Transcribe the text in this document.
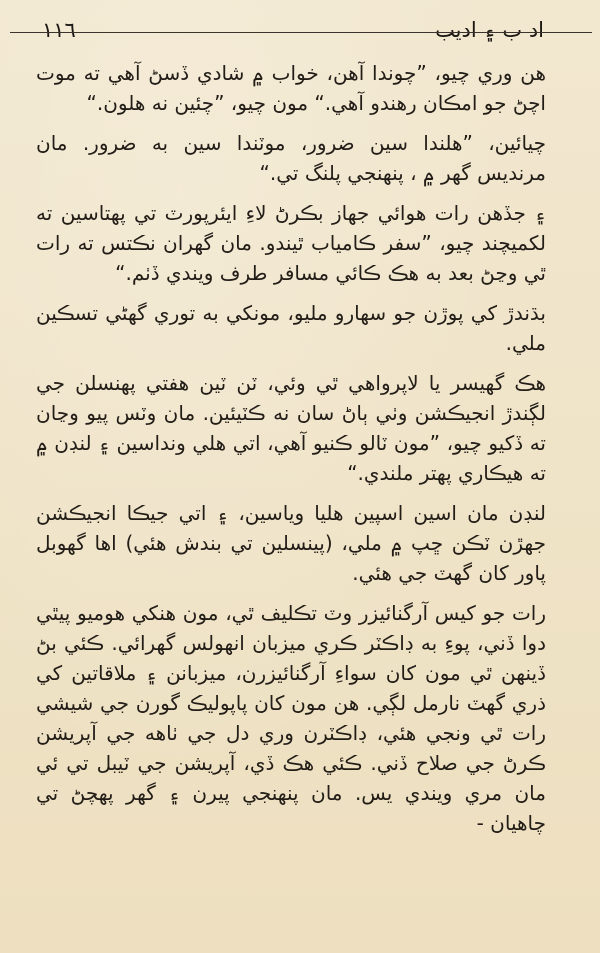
١١٦	اد ب ۽ اديب

هن وري چيو، ”چوندا آهن، خواب ۾ شادي ڏسڻ آهي ته موت اچڻ جو امڪان رهندو آهي.“ مون چيو، ”چئين نه هلون.“

چيائين، ”هلندا سين ضرور، موٽندا سين به ضرور. مان مرنديس گهر ۾ ، پنهنجي پلنگ تي.“

۽ جڏهن رات هوائي جهاز بڪرڻ لاءِ ايئرپورٽ تي پهتاسين ته لکميچند چيو، ”سفر ڪامياب ٿيندو. مان گهران نڪتس ته رات ٿي وڃڻ بعد به هڪ ڪائي مسافر طرف ويندي ڏٺم.“

بڌندڙ کي پوڙن جو سهارو مليو، مونکي به توري گهڻي تسڪين ملي.

هڪ گهيسر يا لاپرواهي ٿي وئي، ٽن ٽين هفتي پهنسلن جي لڳندڙ انجيڪشن وٺي ٻاڻ سان نه ڪٽيئين. مان وٽس پيو وڃان ته ڏکيو چيو، ”مون ٽالو ڪنيو آهي، اتي هلي ونداسين ۽ لنڊن ۾ ته هيڪاري پهتر ملندي.“

لنڊن مان اسين اسپين هليا وياسين، ۽ اتي جيڪا انجيڪشن جهڙن ٽڪن ڇپ ۾ ملي، (پينسلين تي بندش هئي) اها گهوبل پاور کان گهٽ جي هئي.

رات جو کيس آرگنائيزر وٽ تڪليف ٿي، مون هنکي هوميو پيٿي دوا ڏني، پوءِ به ڊاڪٽر ڪري ميزبان انهولس گهرائي. ڪئي بڻ ڏينهن ٿي مون کان سواءِ آرگنائيزرن، ميزبانن ۽ ملاقاتين کي ذري گهٽ نارمل لڳي. هن مون کان پاپوليڪ گورن جي شيشي رات ٿي ونجي هئي، ڊاڪٽرن وري دل جي ٺاهه جي آپريشن ڪرڻ جي صلاح ڏني. ڪئي هڪ ڏي، آپريشن جي ٽيبل تي ئي مان مري ويندي يس. مان پنهنجي پيرن ۽ گهر پهچڻ تي چاهيان -
